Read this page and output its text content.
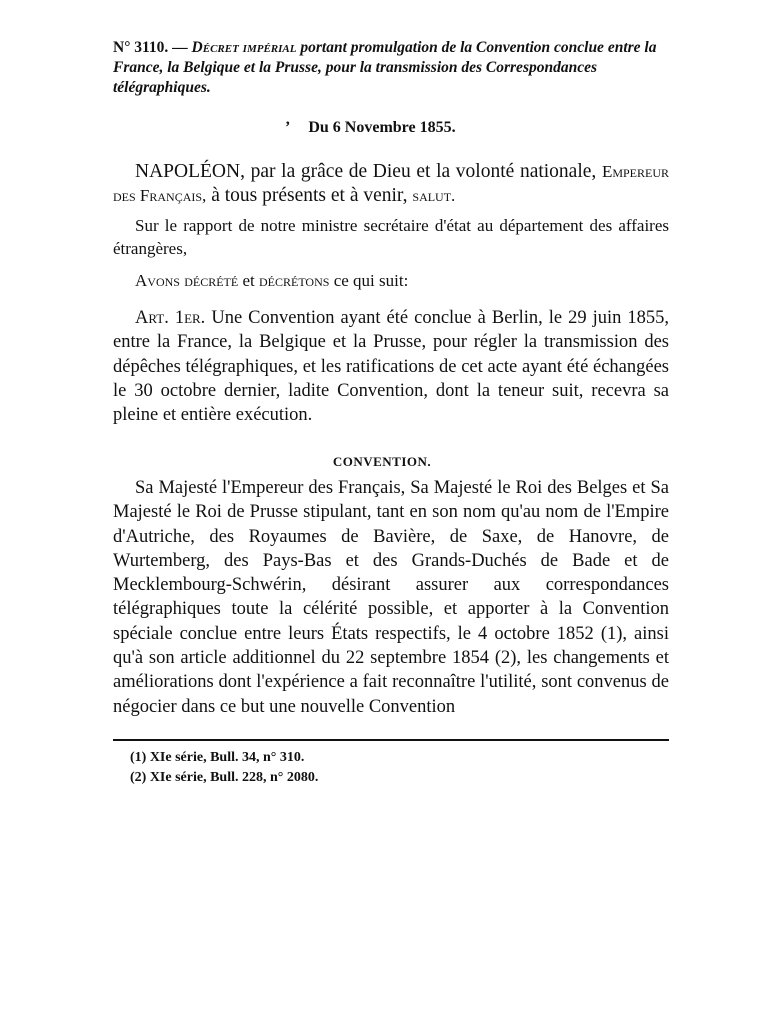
N° 3110. — Décret impérial portant promulgation de la Convention conclue entre la France, la Belgique et la Prusse, pour la transmission des Correspondances télégraphiques.
’ Du 6 Novembre 1855.
NAPOLÉON, par la grâce de Dieu et la volonté nationale, Empereur des Français, à tous présents et à venir, salut.
Sur le rapport de notre ministre secrétaire d'état au département des affaires étrangères,
Avons décrété et décrétons ce qui suit:
Art. 1er. Une Convention ayant été conclue à Berlin, le 29 juin 1855, entre la France, la Belgique et la Prusse, pour régler la transmission des dépêches télégraphiques, et les ratifications de cet acte ayant été échangées le 30 octobre dernier, ladite Convention, dont la teneur suit, recevra sa pleine et entière exécution.
CONVENTION.
Sa Majesté l'Empereur des Français, Sa Majesté le Roi des Belges et Sa Majesté le Roi de Prusse stipulant, tant en son nom qu'au nom de l'Empire d'Autriche, des Royaumes de Bavière, de Saxe, de Hanovre, de Wurtemberg, des Pays-Bas et des Grands-Duchés de Bade et de Mecklembourg-Schwérin, désirant assurer aux correspondances télégraphiques toute la célérité possible, et apporter à la Convention spéciale conclue entre leurs États respectifs, le 4 octobre 1852 (1), ainsi qu'à son article additionnel du 22 septembre 1854 (2), les changements et améliorations dont l'expérience a fait reconnaître l'utilité, sont convenus de négocier dans ce but une nouvelle Convention
(1) XIe série, Bull. 34, n° 310.
(2) XIe série, Bull. 228, n° 2080.
